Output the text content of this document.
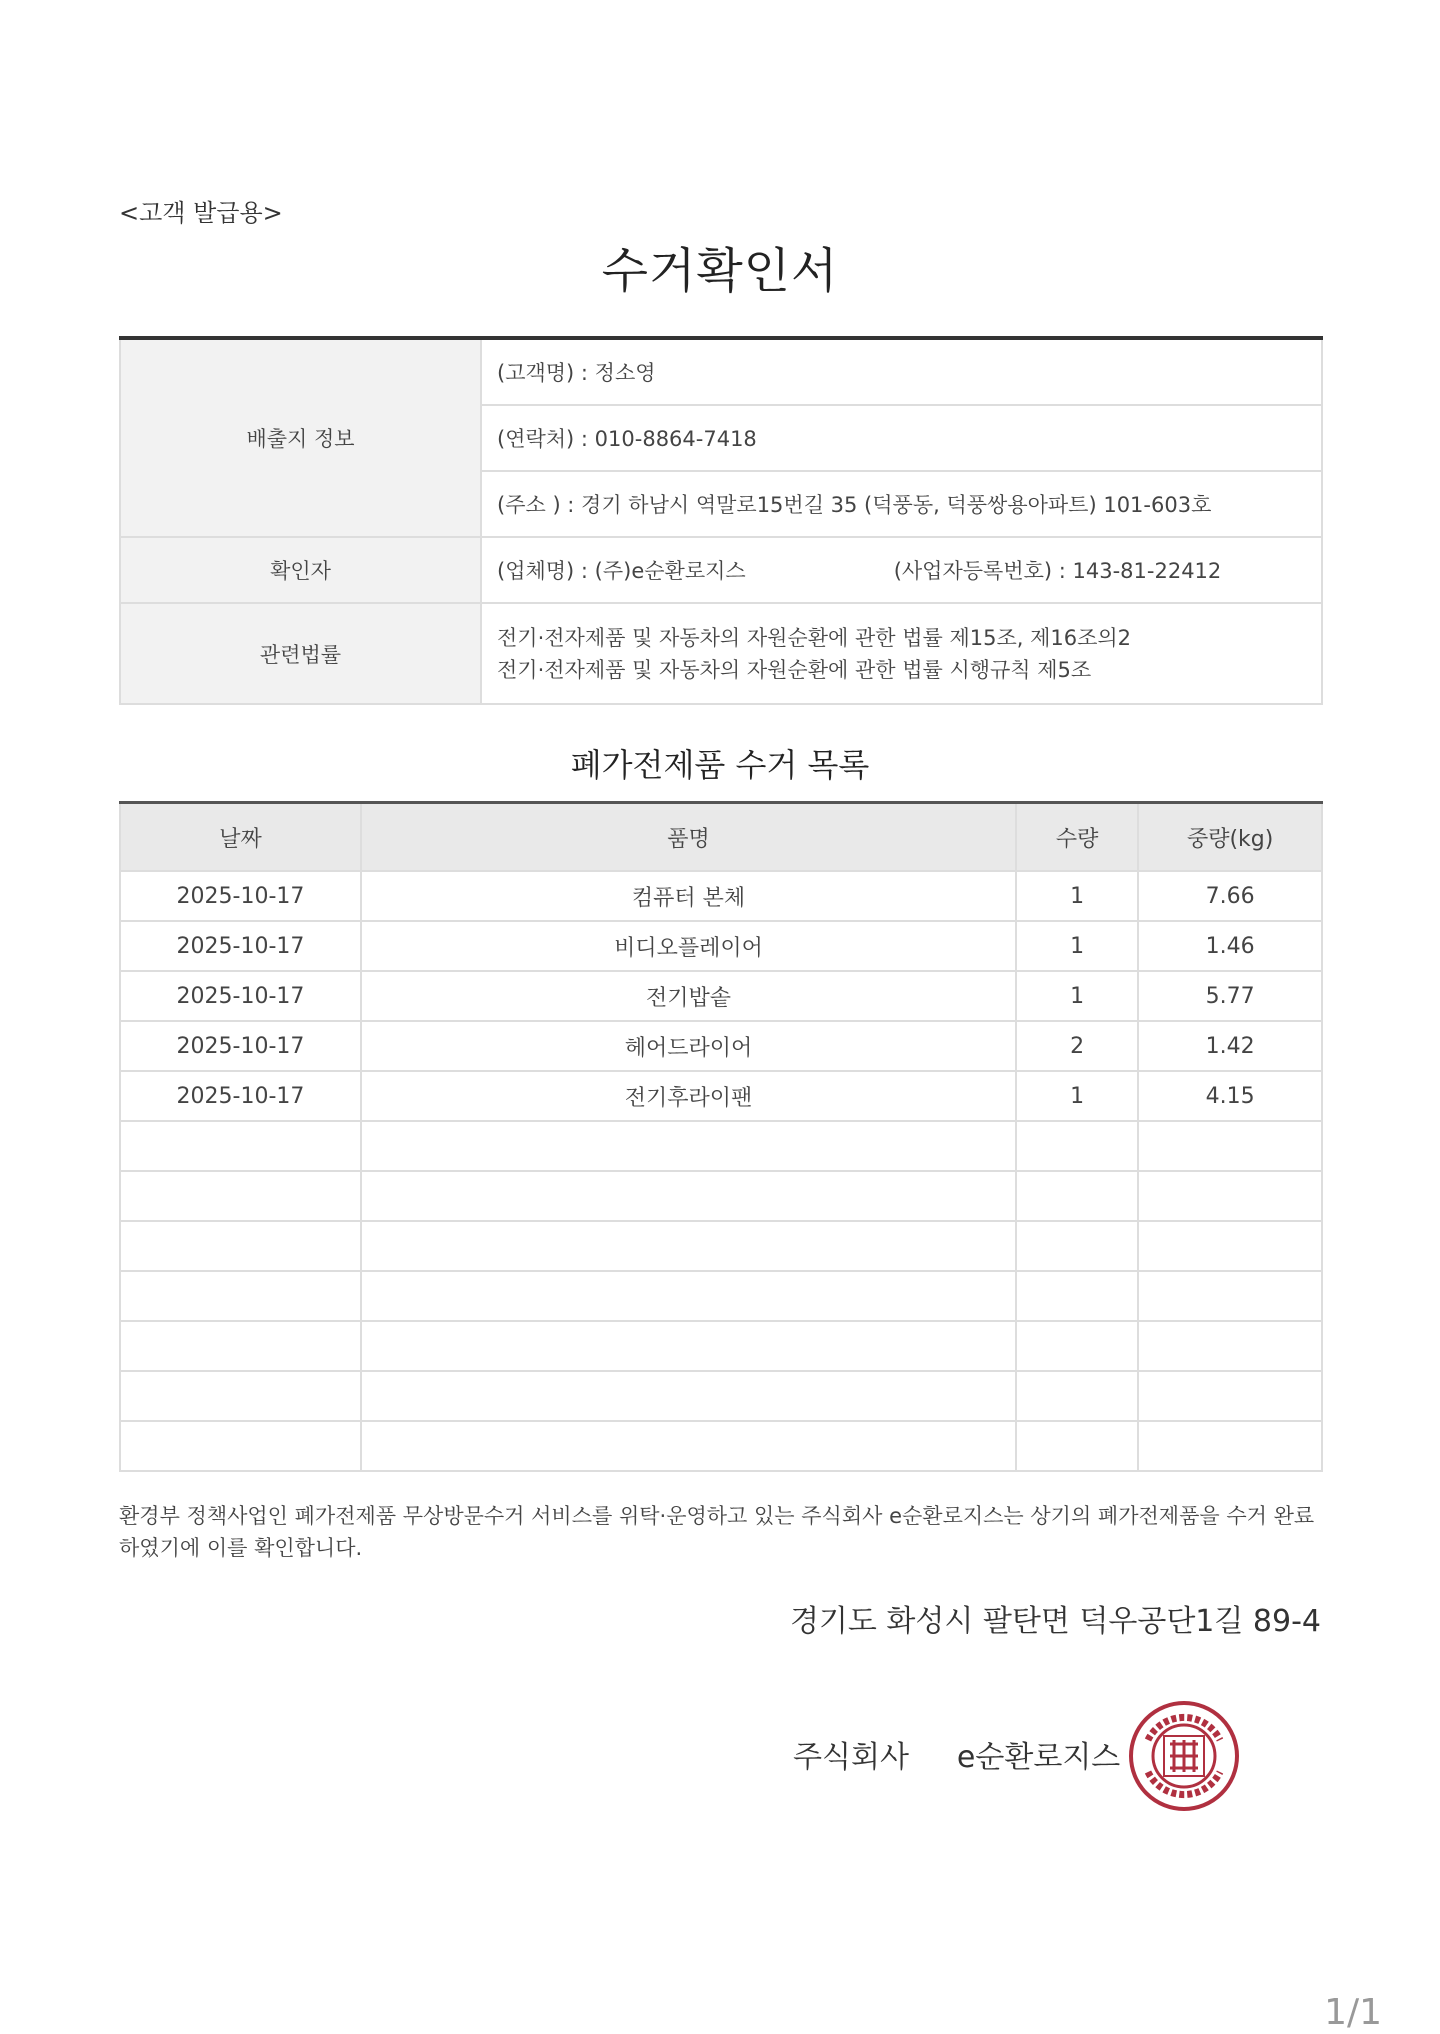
<고객 발급용>
수거확인서
배출지 정보	(고객명) : 정소영
	(연락처) : 010-8864-7418
	(주소 ) : 경기 하남시 역말로15번길 35 (덕풍동, 덕풍쌍용아파트) 101-603호
확인자	(업체명) : (주)e순환로지스 (사업자등록번호) : 143-81-22412
관련법률	전기·전자제품 및 자동차의 자원순환에 관한 법률 제15조, 제16조의2
전기·전자제품 및 자동차의 자원순환에 관한 법률 시행규칙 제5조
폐가전제품 수거 목록
날짜	품명	수량	중량(kg)
2025-10-17	컴퓨터 본체	1	7.66
2025-10-17	비디오플레이어	1	1.46
2025-10-17	전기밥솥	1	5.77
2025-10-17	헤어드라이어	2	1.42
2025-10-17	전기후라이팬	1	4.15

환경부 정책사업인 폐가전제품 무상방문수거 서비스를 위탁·운영하고 있는 주식회사 e순환로지스는 상기의 폐가전제품을 수거 완료하였기에 이를 확인합니다.
경기도 화성시 팔탄면 덕우공단1길 89-4
주식회사 e순환로지스
1/1
